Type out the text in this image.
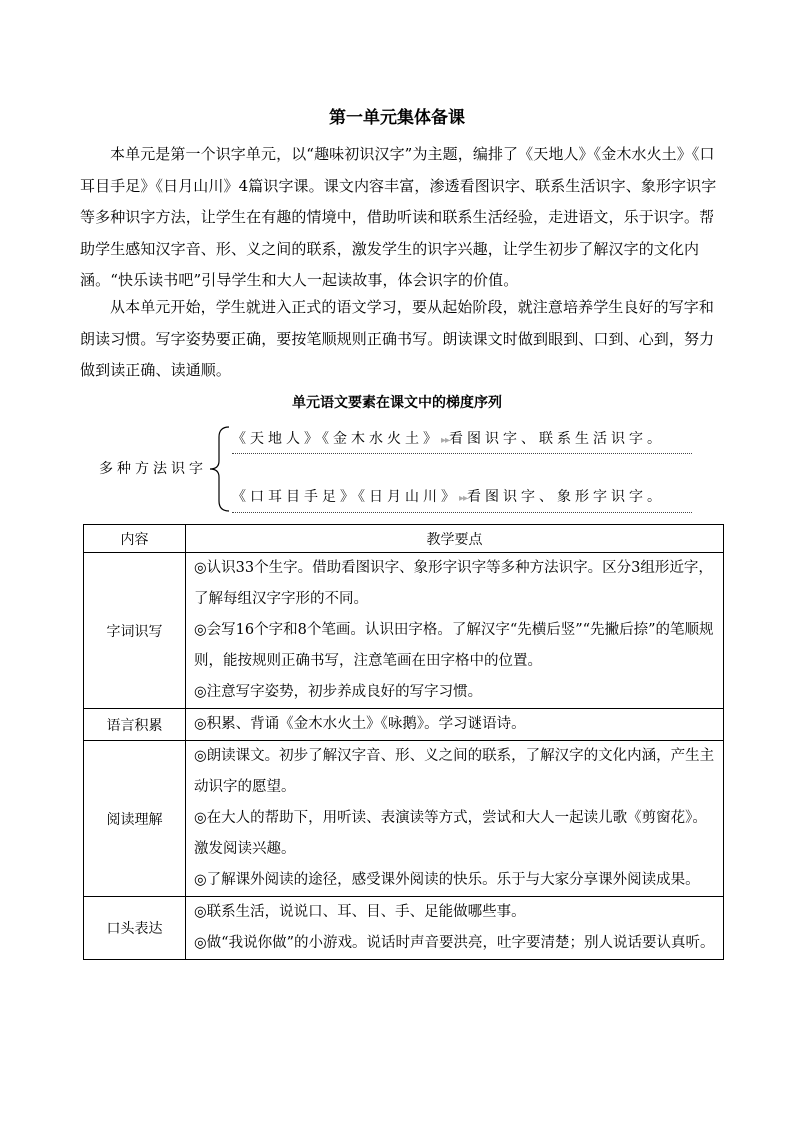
第一单元集体备课

本单元是第一个识字单元，以“趣味初识汉字”为主题，编排了《天地人》《金木水火土》《口耳目手足》《日月山川》4篇识字课。课文内容丰富，渗透看图识字、联系生活识字、象形字识字等多种识字方法，让学生在有趣的情境中，借助听读和联系生活经验，走进语文，乐于识字。帮助学生感知汉字音、形、义之间的联系，激发学生的识字兴趣，让学生初步了解汉字的文化内涵。“快乐读书吧”引导学生和大人一起读故事，体会识字的价值。

从本单元开始，学生就进入正式的语文学习，要从起始阶段，就注意培养学生良好的写字和朗读习惯。写字姿势要正确，要按笔顺规则正确书写。朗读课文时做到眼到、口到、心到，努力做到读正确、读通顺。

单元语文要素在课文中的梯度序列
多种方法识字
《天地人》《金木水火土》▸▸看图识字、联系生活识字。
《口耳目手足》《日月山川》▸▸看图识字、象形字识字。
内容	教学要点
字词识写	◎认识33个生字。借助看图识字、象形字识字等多种方法识字。区分3组形近字，了解每组汉字字形的不同。
◎会写16个字和8个笔画。认识田字格。了解汉字“先横后竖”“先撇后捺”的笔顺规则，能按规则正确书写，注意笔画在田字格中的位置。
◎注意写字姿势，初步养成良好的写字习惯。

语言积累	◎积累、背诵《金木水火土》《咏鹅》。学习谜语诗。

阅读理解	◎朗读课文。初步了解汉字音、形、义之间的联系，了解汉字的文化内涵，产生主动识字的愿望。
◎在大人的帮助下，用听读、表演读等方式，尝试和大人一起读儿歌《剪窗花》。激发阅读兴趣。
◎了解课外阅读的途径，感受课外阅读的快乐。乐于与大家分享课外阅读成果。

口头表达	◎联系生活，说说口、耳、目、手、足能做哪些事。
◎做“我说你做”的小游戏。说话时声音要洪亮，吐字要清楚；别人说话要认真听。
